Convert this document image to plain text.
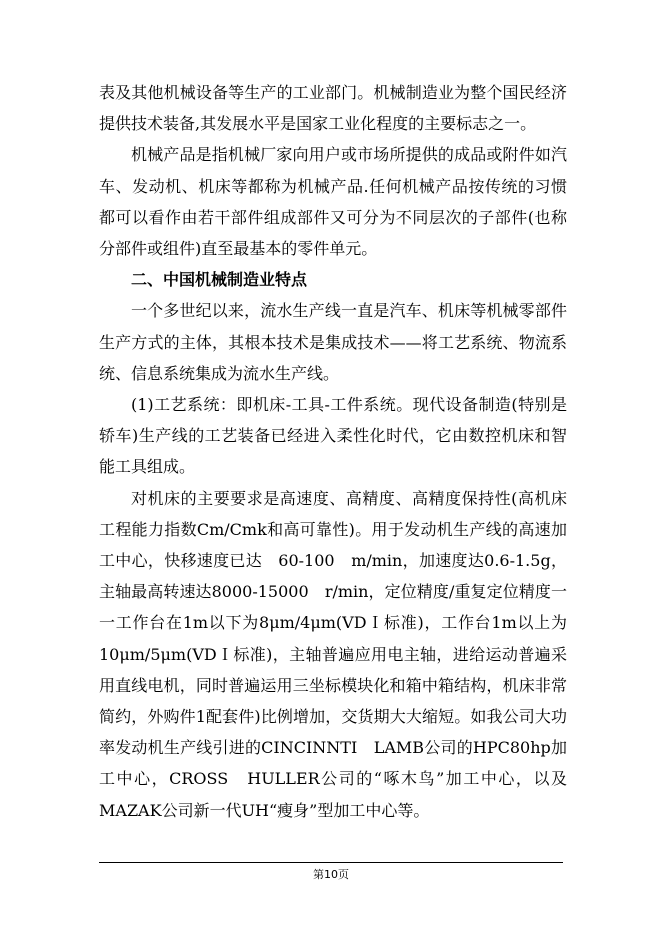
表及其他机械设备等生产的工业部门。机械制造业为整个国民经济提供技术装备,其发展水平是国家工业化程度的主要标志之一。

机械产品是指机械厂家向用户或市场所提供的成品或附件如汽车、发动机、机床等都称为机械产品.任何机械产品按传统的习惯都可以看作由若干部件组成部件又可分为不同层次的子部件(也称分部件或组件)直至最基本的零件单元。

二、中国机械制造业特点

一个多世纪以来，流水生产线一直是汽车、机床等机械零部件生产方式的主体，其根本技术是集成技术——将工艺系统、物流系统、信息系统集成为流水生产线。

(1)工艺系统：即机床-工具-工件系统。现代设备制造(特别是轿车)生产线的工艺装备已经进入柔性化时代，它由数控机床和智能工具组成。

对机床的主要要求是高速度、高精度、高精度保持性(高机床工程能力指数Cm/Cmk和高可靠性)。用于发动机生产线的高速加工中心，快移速度已达　60-100　m/min，加速度达0.6-1.5g，主轴最高转速达8000-15000　r/min，定位精度/重复定位精度一一工作台在1m以下为8μm/4μm(VDＩ标准)，工作台1m以上为10μm/5μm(VDＩ标准)，主轴普遍应用电主轴，进给运动普遍采用直线电机，同时普遍运用三坐标模块化和箱中箱结构，机床非常简约，外购件1配套件)比例增加，交货期大大缩短。如我公司大功率发动机生产线引进的CINCINNTI　LAMB公司的HPC80hp加工中心，CROSS　HULLER公司的“啄木鸟”加工中心，以及MAZAK公司新一代UH“瘦身”型加工中心等。

第10页
